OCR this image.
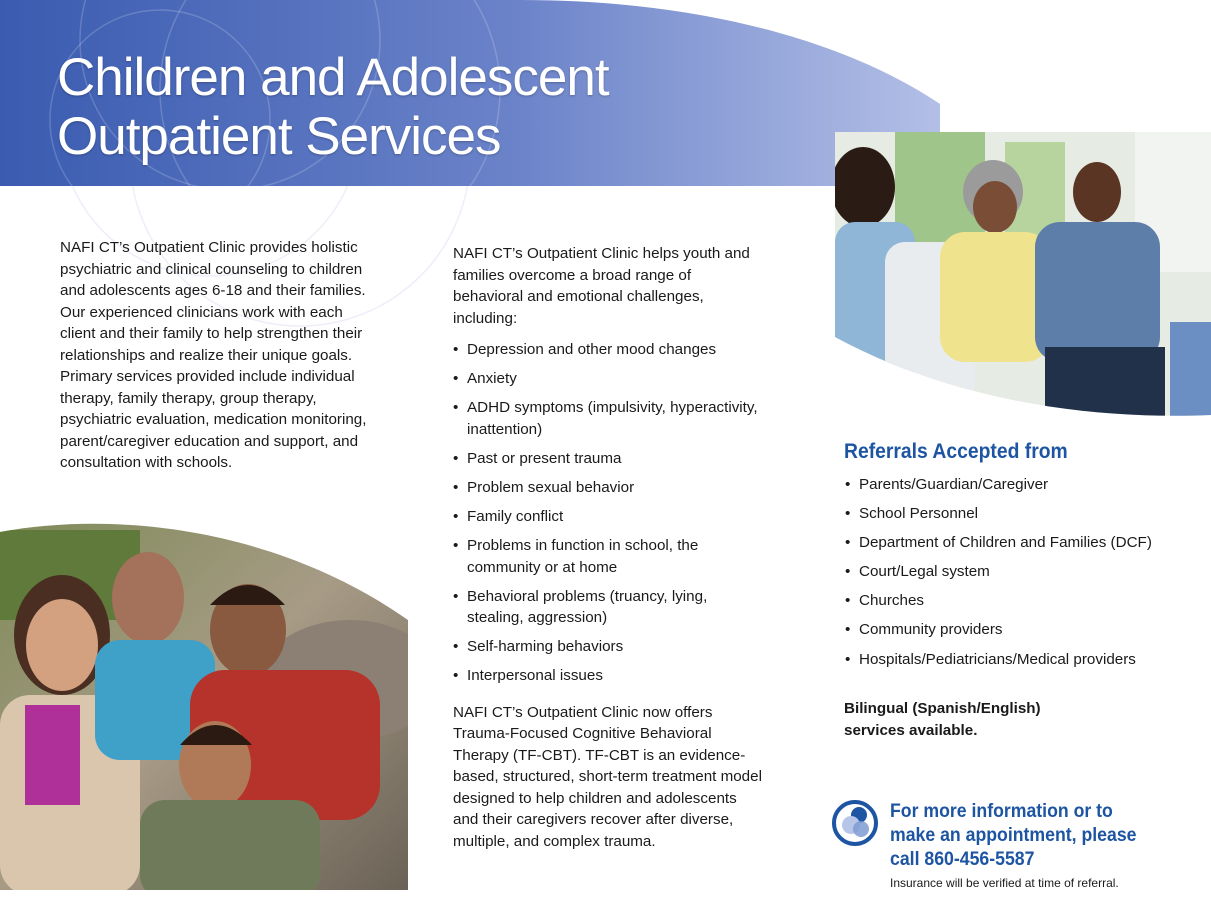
Children and Adolescent
Outpatient Services

NAFI CT’s Outpatient Clinic provides holistic psychiatric and clinical counseling to children and adolescents ages 6-18 and their families. Our experienced clinicians work with each client and their family to help strengthen their relationships and realize their unique goals. Primary services provided include individual therapy, family therapy, group therapy, psychiatric evaluation, medication monitoring, parent/caregiver education and support, and consultation with schools.

NAFI CT’s Outpatient Clinic helps youth and families overcome a broad range of behavioral and emotional challenges, including:

• Depression and other mood changes
• Anxiety
• ADHD symptoms (impulsivity, hyperactivity, inattention)
• Past or present trauma
• Problem sexual behavior
• Family conflict
• Problems in function in school, the community or at home
• Behavioral problems (truancy, lying, stealing, aggression)
• Self-harming behaviors
• Interpersonal issues

NAFI CT’s Outpatient Clinic now offers Trauma-Focused Cognitive Behavioral Therapy (TF-CBT). TF-CBT is an evidence-based, structured, short-term treatment model designed to help children and adolescents and their caregivers recover after diverse, multiple, and complex trauma.

Referrals Accepted from
• Parents/Guardian/Caregiver
• School Personnel
• Department of Children and Families (DCF)
• Court/Legal system
• Churches
• Community providers
• Hospitals/Pediatricians/Medical providers

Bilingual (Spanish/English)
services available.

For more information or to
make an appointment, please
call 860-456-5587

Insurance will be verified at time of referral.
